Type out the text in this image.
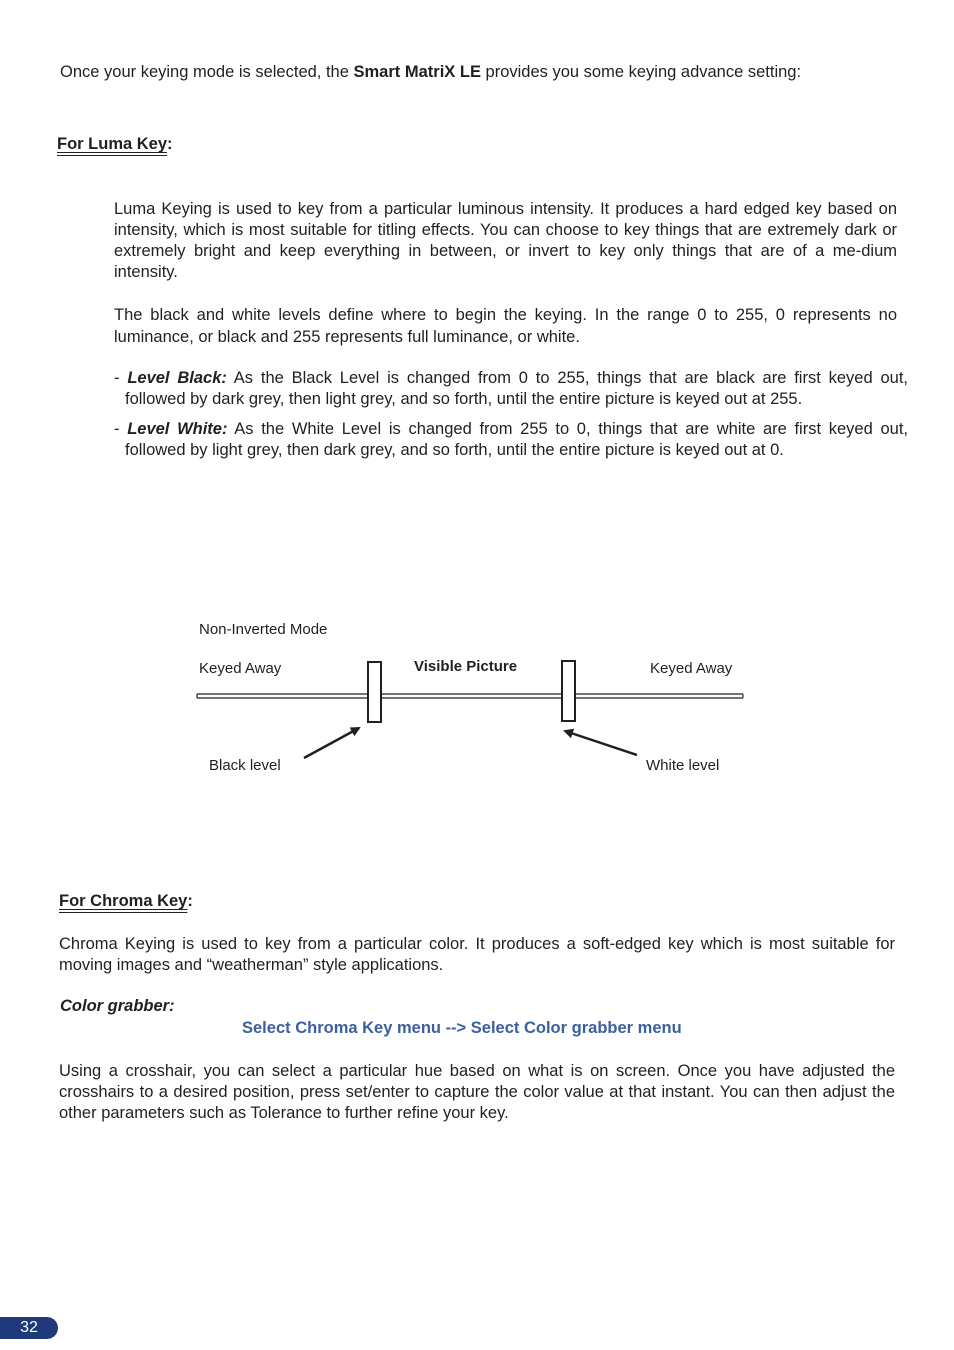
Once your keying mode is selected, the Smart MatriX LE provides you some keying advance setting:
For Luma Key:
Luma Keying is used to key from a particular luminous intensity. It produces a hard edged key based on intensity, which is most suitable for titling effects. You can choose to key things that are extremely dark or extremely bright and keep everything in between, or invert to key only things that are of a me-dium intensity.
The black and white levels define where to begin the keying. In the range 0 to 255, 0 represents no luminance, or black and 255 represents full luminance, or white.
- Level Black: As the Black Level is changed from 0 to 255, things that are black are first keyed out, followed by dark grey, then light grey, and so forth, until the entire picture is keyed out at 255.
- Level White: As the White Level is changed from 255 to 0, things that are white are first keyed out, followed by light grey, then dark grey, and so forth, until the entire picture is keyed out at 0.
Non-Inverted Mode
Keyed Away	Visible Picture	Keyed Away
Black level	White level
For Chroma Key:
Chroma Keying is used to key from a particular color. It produces a soft-edged key which is most suitable for moving images and “weatherman” style applications.
Color grabber:
Select Chroma Key menu --> Select Color grabber menu
Using a crosshair, you can select a particular hue based on what is on screen. Once you have adjusted the crosshairs to a desired position, press set/enter to capture the color value at that instant. You can then adjust the other parameters such as Tolerance to further refine your key.
32
